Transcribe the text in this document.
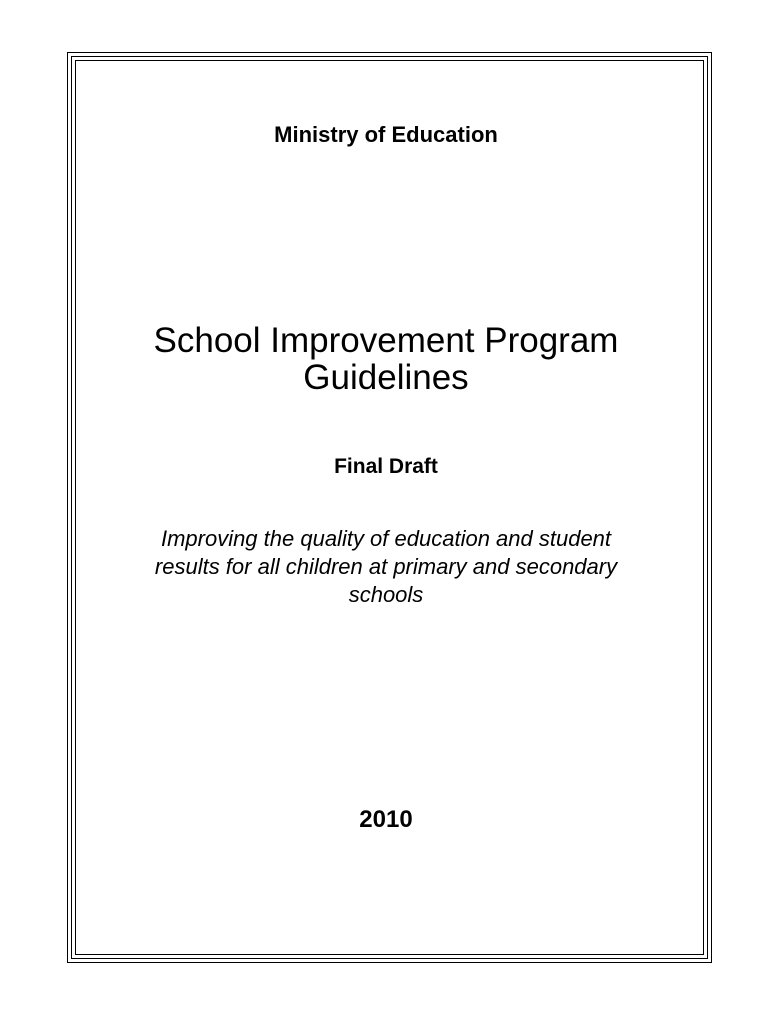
Ministry of Education
School Improvement Program
Guidelines
Final Draft
Improving the quality of education and student
results for all children at primary and secondary
schools
2010
